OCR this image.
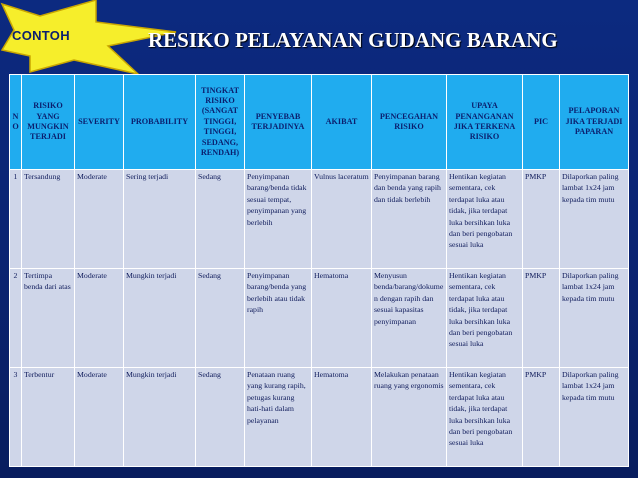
CONTOH	RESIKO PELAYANAN GUDANG BARANG
NO	RISIKO YANG MUNGKIN TERJADI	SEVERITY	PROBABILITY	TINGKAT RISIKO (SANGAT TINGGI, TINGGI, SEDANG, RENDAH)	PENYEBAB TERJADINYA	AKIBAT	PENCEGAHAN RISIKO	UPAYA PENANGANAN JIKA TERKENA RISIKO	PIC	PELAPORAN JIKA TERJADI PAPARAN
1	Tersandung	Moderate	Sering terjadi	Sedang	Penyimpanan barang/benda tidak sesuai tempat, penyimpanan yang berlebih	Vulnus laceratum	Penyimpanan barang dan benda yang rapih dan tidak berlebih	Hentikan kegiatan sementara, cek terdapat luka atau tidak, jika terdapat luka bersihkan luka dan beri pengobatan sesuai luka	PMKP	Dilaporkan paling lambat 1x24 jam kepada tim mutu
2	Tertimpa benda dari atas	Moderate	Mungkin terjadi	Sedang	Penyimpanan barang/benda yang berlebih atau tidak rapih	Hematoma	Menyusun benda/barang/dokumen dengan rapih dan sesuai kapasitas penyimpanan	Hentikan kegiatan sementara, cek terdapat luka atau tidak, jika terdapat luka bersihkan luka dan beri pengobatan sesuai luka	PMKP	Dilaporkan paling lambat 1x24 jam kepada tim mutu
3	Terbentur	Moderate	Mungkin terjadi	Sedang	Penataan ruang yang kurang rapih, petugas kurang hati-hati dalam pelayanan	Hematoma	Melakukan penataan ruang yang ergonomis	Hentikan kegiatan sementara, cek terdapat luka atau tidak, jika terdapat luka bersihkan luka dan beri pengobatan sesuai luka	PMKP	Dilaporkan paling lambat 1x24 jam kepada tim mutu
